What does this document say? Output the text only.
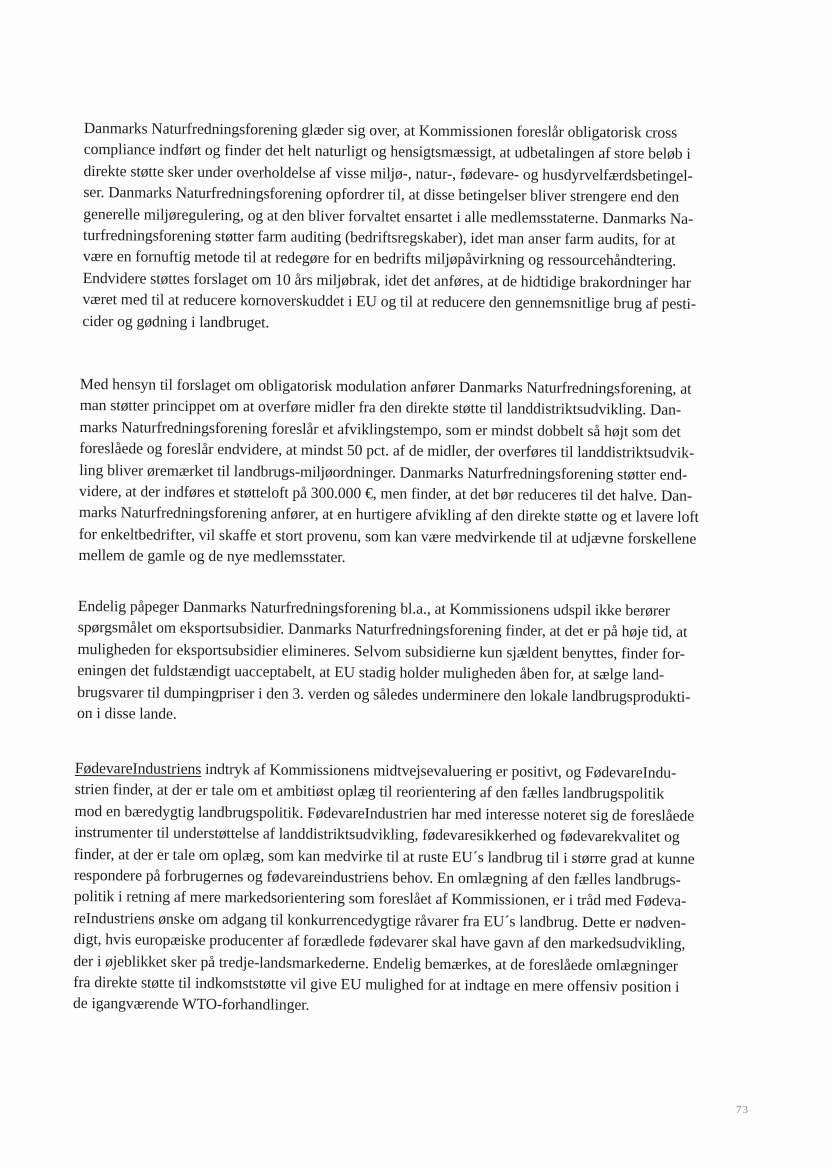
Danmarks Naturfredningsforening glæder sig over, at Kommissionen foreslår obligatorisk cross
compliance indført og finder det helt naturligt og hensigtsmæssigt, at udbetalingen af store beløb i
direkte støtte sker under overholdelse af visse miljø-, natur-, fødevare- og husdyrvelfærdsbetingel-
ser. Danmarks Naturfredningsforening opfordrer til, at disse betingelser bliver strengere end den
generelle miljøregulering, og at den bliver forvaltet ensartet i alle medlemsstaterne. Danmarks Na-
turfredningsforening støtter farm auditing (bedriftsregskaber), idet man anser farm audits, for at
være en fornuftig metode til at redegøre for en bedrifts miljøpåvirkning og ressourcehåndtering.
Endvidere støttes forslaget om 10 års miljøbrak, idet det anføres, at de hidtidige brakordninger har
været med til at reducere kornoverskuddet i EU og til at reducere den gennemsnitlige brug af pesti-
cider og gødning i landbruget.
Med hensyn til forslaget om obligatorisk modulation anfører Danmarks Naturfredningsforening, at
man støtter princippet om at overføre midler fra den direkte støtte til landdistriktsudvikling. Dan-
marks Naturfredningsforening foreslår et afviklingstempo, som er mindst dobbelt så højt som det
foreslåede og foreslår endvidere, at mindst 50 pct. af de midler, der overføres til landdistriktsudvik-
ling bliver øremærket til landbrugs-miljøordninger. Danmarks Naturfredningsforening støtter end-
videre, at der indføres et støtteloft på 300.000 €, men finder, at det bør reduceres til det halve. Dan-
marks Naturfredningsforening anfører, at en hurtigere afvikling af den direkte støtte og et lavere loft
for enkeltbedrifter, vil skaffe et stort provenu, som kan være medvirkende til at udjævne forskellene
mellem de gamle og de nye medlemsstater.
Endelig påpeger Danmarks Naturfredningsforening bl.a., at Kommissionens udspil ikke berører
spørgsmålet om eksportsubsidier. Danmarks Naturfredningsforening finder, at det er på høje tid, at
muligheden for eksportsubsidier elimineres. Selvom subsidierne kun sjældent benyttes, finder for-
eningen det fuldstændigt uacceptabelt, at EU stadig holder muligheden åben for, at sælge land-
brugsvarer til dumpingpriser i den 3. verden og således underminere den lokale landbrugsprodukti-
on i disse lande.
FødevareIndustriens indtryk af Kommissionens midtvejsevaluering er positivt, og FødevareIndu-
strien finder, at der er tale om et ambitiøst oplæg til reorientering af den fælles landbrugspolitik
mod en bæredygtig landbrugspolitik. FødevareIndustrien har med interesse noteret sig de foreslåede
instrumenter til understøttelse af landdistriktsudvikling, fødevaresikkerhed og fødevarekvalitet og
finder, at der er tale om oplæg, som kan medvirke til at ruste EU´s landbrug til i større grad at kunne
respondere på forbrugernes og fødevareindustriens behov. En omlægning af den fælles landbrugs-
politik i retning af mere markedsorientering som foreslået af Kommissionen, er i tråd med Fødeva-
reIndustriens ønske om adgang til konkurrencedygtige råvarer fra EU´s landbrug. Dette er nødven-
digt, hvis europæiske producenter af forædlede fødevarer skal have gavn af den markedsudvikling,
der i øjeblikket sker på tredje-landsmarkederne. Endelig bemærkes, at de foreslåede omlægninger
fra direkte støtte til indkomststøtte vil give EU mulighed for at indtage en mere offensiv position i
de igangværende WTO-forhandlinger.
73
